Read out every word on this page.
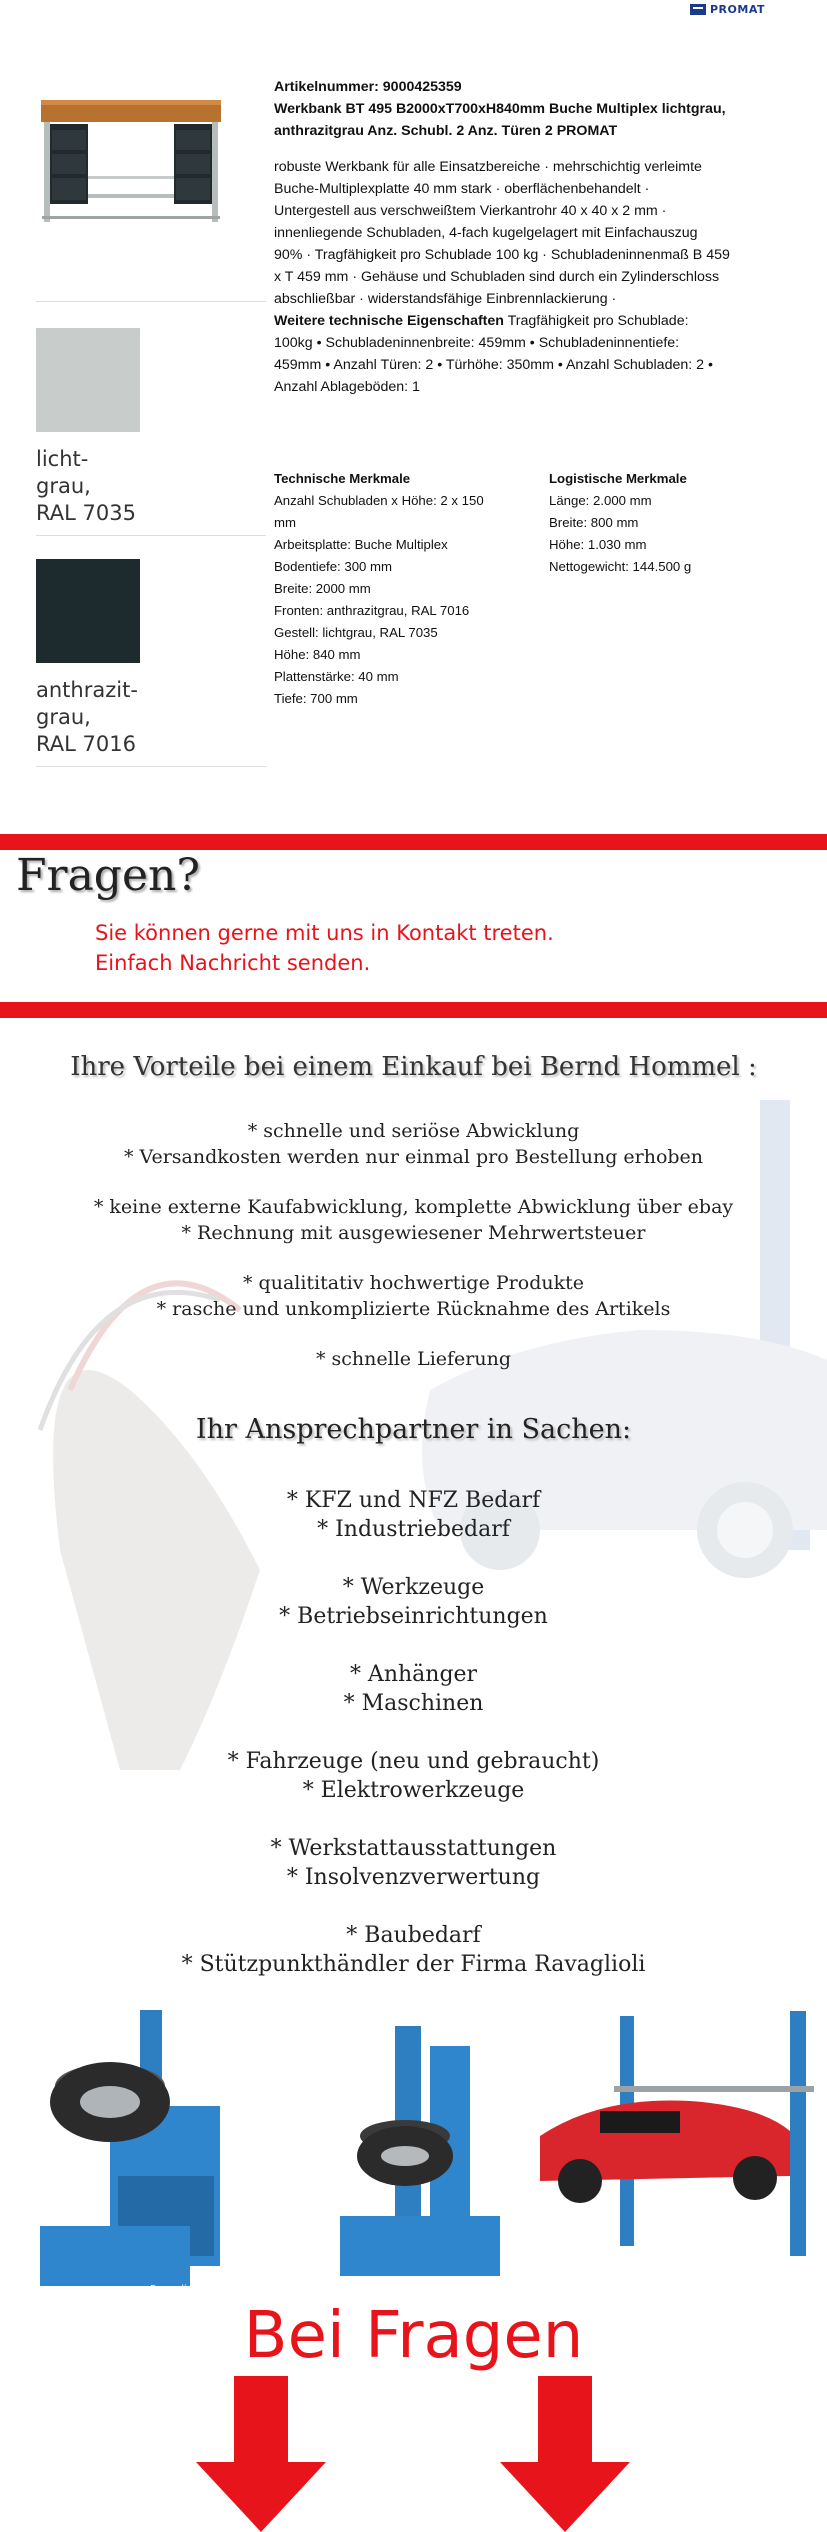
PROMAT
licht-
grau,
RAL 7035
anthrazit-
grau,
RAL 7016
Artikelnummer: 9000425359
Werkbank BT 495 B2000xT700xH840mm Buche Multiplex lichtgrau,
anthrazitgrau Anz. Schubl. 2 Anz. Türen 2 PROMAT
robuste Werkbank für alle Einsatzbereiche · mehrschichtig verleimte
Buche-Multiplexplatte 40 mm stark · oberflächenbehandelt ·
Untergestell aus verschweißtem Vierkantrohr 40 x 40 x 2 mm ·
innenliegende Schubladen, 4-fach kugelgelagert mit Einfachauszug
90% · Tragfähigkeit pro Schublade 100 kg · Schubladeninnenmaß B 459
x T 459 mm · Gehäuse und Schubladen sind durch ein Zylinderschloss
abschließbar · widerstandsfähige Einbrennlackierung ·
Weitere technische Eigenschaften Tragfähigkeit pro Schublade:
100kg • Schubladeninnenbreite: 459mm • Schubladeninnentiefe:
459mm • Anzahl Türen: 2 • Türhöhe: 350mm • Anzahl Schubladen: 2 •
Anzahl Ablageböden: 1
Technische Merkmale
Anzahl Schubladen x Höhe: 2 x 150
mm
Arbeitsplatte: Buche Multiplex
Bodentiefe: 300 mm
Breite: 2000 mm
Fronten: anthrazitgrau, RAL 7016
Gestell: lichtgrau, RAL 7035
Höhe: 840 mm
Plattenstärke: 40 mm
Tiefe: 700 mm
Logistische Merkmale
Länge: 2.000 mm
Breite: 800 mm
Höhe: 1.030 mm
Nettogewicht: 144.500 g
Fragen?
Sie können gerne mit uns in Kontakt treten.
Einfach Nachricht senden.
Ihre Vorteile bei einem Einkauf bei Bernd Hommel :
* schnelle und seriöse Abwicklung
* Versandkosten werden nur einmal pro Bestellung erhoben
* keine externe Kaufabwicklung, komplette Abwicklung über ebay
* Rechnung mit ausgewiesener Mehrwertsteuer
* qualititativ hochwertige Produkte
* rasche und unkomplizierte Rücknahme des Artikels
* schnelle Lieferung
Ihr Ansprechpartner in Sachen:
* KFZ und NFZ Bedarf
* Industriebedarf
* Werkzeuge
* Betriebseinrichtungen
* Anhänger
* Maschinen
* Fahrzeuge (neu und gebraucht)
* Elektrowerkzeuge
* Werkstattausstattungen
* Insolvenzverwertung
* Baubedarf
* Stützpunkthändler der Firma Ravaglioli
Ravaglioli
Bei Fragen
